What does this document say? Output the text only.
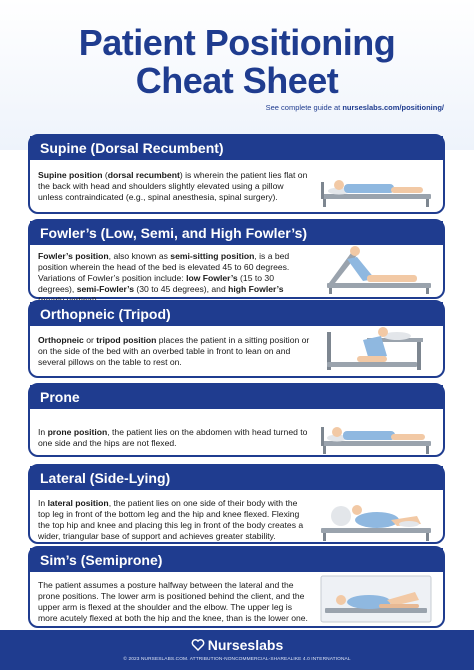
Patient Positioning
Cheat Sheet
See complete guide at nurseslabs.com/positioning/
Supine (Dorsal Recumbent)
Supine position (dorsal recumbent) is wherein the patient lies flat on the back with head and shoulders slightly elevated using a pillow unless contraindicated (e.g., spinal anesthesia, spinal surgery).
Fowler’s (Low, Semi, and High Fowler’s)
Fowler’s position, also known as semi-sitting position, is a bed position wherein the head of the bed is elevated 45 to 60 degrees. Variations of Fowler’s position include: low Fowler’s (15 to 30 degrees), semi-Fowler’s (30 to 45 degrees), and high Fowler’s
Orthopneic (Tripod)
Orthopneic or tripod position places the patient in a sitting position or on the side of the bed with an overbed table in front to lean on and several pillows on the table to rest on.
Prone
In prone position, the patient lies on the abdomen with head turned to one side and the hips are not flexed.
Lateral (Side-Lying)
In lateral position, the patient lies on one side of their body with the top leg in front of the bottom leg and the hip and knee flexed. Flexing the top hip and knee and placing this leg in front of the body creates a wider, triangular base of support and achieves greater stability.
Sim’s (Semiprone)
The patient assumes a posture halfway between the lateral and the prone positions. The lower arm is positioned behind the client, and the upper arm is flexed at the shoulder and the elbow. The upper leg is more acutely flexed at both the hip and the knee, than is the lower one.
Nurseslabs
© 2023 NURSESLABS.COM. ATTRIBUTION-NONCOMMERCIAL-SHAREALIKE 4.0 INTERNATIONAL
